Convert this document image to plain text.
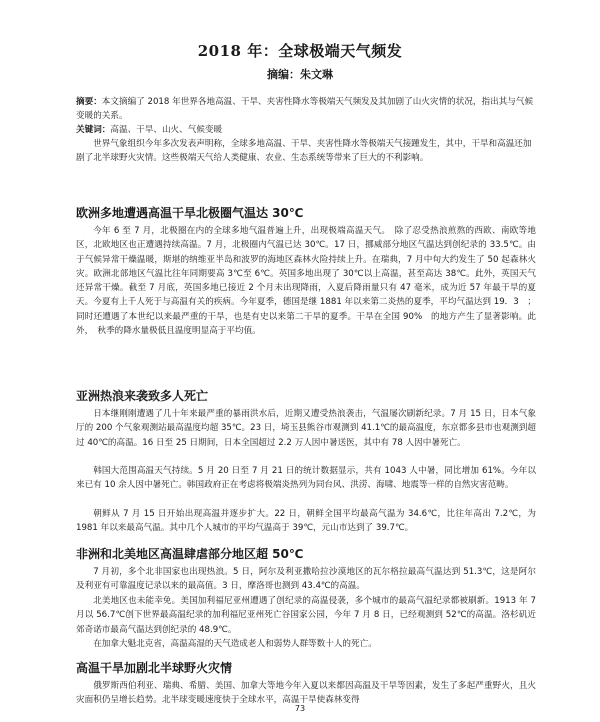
2018 年：全球极端天气频发
摘编：朱文琳
摘要：本文摘编了 2018 年世界各地高温、干旱、夹害性降水等极端天气频发及其加剧了山火灾情的状况，指出其与气候变暖的关系。
关键词：高温、干旱、山火、气候变暖
世界气象组织今年多次发表声明称，全球多地高温、干旱、夹害性降水等极端天气接踵发生，其中，干旱和高温还加剧了北半球野火灾情。这些极端天气给人类健康、农业、生态系统等带来了巨大的不利影响。
欧洲多地遭遇高温干旱北极圈气温达 30℃
今年 6 至 7 月，北极圈在内的全球多地气温普遍上升，出现极端高温天气。　除了忍受热浪煎熬的西欧、南欧等地区，北欧地区也正遭遇持续高温。7 月，北极圈内气温已达 30℃。17 日，挪威部分地区气温达到创纪录的 33.5℃。由于气候异常干燥温暖，斯堪的纳维亚半岛和波罗的海地区森林火险持续上升。在瑞典，7 月中旬大约发生了 50 起森林火灾。欧洲北部地区气温比往年同期要高 3℃至 6℃。英国多地出现了 30℃以上高温，甚至高达 38℃。此外，英国天气还异常干燥。截至 7 月底，英国多地已接近 2 个月未出现降雨，入夏后降雨量只有 47 毫米，成为近 57 年最干旱的夏天。今夏有上千人死于与高温有关的疾病。今年夏季，德国是继 1881 年以来第二炎热的夏季，平均气温达到 19．3　；同时还遭遇了本世纪以来最严重的干旱，也是有史以来第二干旱的夏季。干旱在全国 90%　的地方产生了显著影响。此外，　秋季的降水量极低且温度明显高于平均值。
亚洲热浪来袭致多人死亡
日本继刚刚遭遇了几十年来最严重的暴雨洪水后，近期又遭受热浪袭击，气温屡次刷新纪录。7 月 15 日，日本气象厅的 200 个气象观测站最高温度均超 35℃。23 日，埼玉县熊谷市观测到 41.1℃的最高温度，东京都多县市也观测到超过 40℃的高温。16 日至 25 日期间，日本全国超过 2.2 万人因中暑送医，其中有 78 人因中暑死亡。
韩国大范围高温天气持续。5 月 20 日至 7 月 21 日的统计数据显示，共有 1043 人中暑，同比增加 61%。今年以来已有 10 余人因中暑死亡。韩国政府正在考虑将极端炎热列为同台风、洪涝、海啸、地震等一样的自然灾害范畴。
朝鲜从 7 月 15 日开始出现高温并逐步扩大。22 日，朝鲜全国平均最高气温为 34.6℃，比往年高出 7.2℃，为 1981 年以来最高气温。其中几个人城市的平均气温高于 39℃，元山市达到了 39.7℃。
非洲和北美地区高温肆虐部分地区超 50℃
7 月初，多个北非国家也出现热浪。5 日，阿尔及利亚撒哈拉沙漠地区的瓦尔格拉最高气温达到 51.3℃，这是阿尔及利亚有可靠温度记录以来的最高值。3 日，摩洛哥也测到 43.4℃的高温。
北美地区也未能幸免。美国加利福尼亚州遭遇了创纪录的高温侵袭，多个城市的最高气温纪录都被刷新。1913 年 7 月以 56.7℃创下世界最高温纪录的加利福尼亚州死亡谷国家公园，今年 7 月 8 日，已经观测到 52℃的高温。洛杉矶近郊奇诺市最高气温达到创纪录的 48.9℃。
在加拿大魁北克省，高温高湿的天气造成老人和弱势人群等数十人的死亡。
高温干旱加剧北半球野火灾情
俄罗斯西伯利亚、瑞典、希腊、美国、加拿大等地今年入夏以来都因高温及干旱等因素，发生了多起严重野火，且火灾面积仍呈增长趋势。北半球变暖速度快于全球水平，高温干旱使森林变得
73
